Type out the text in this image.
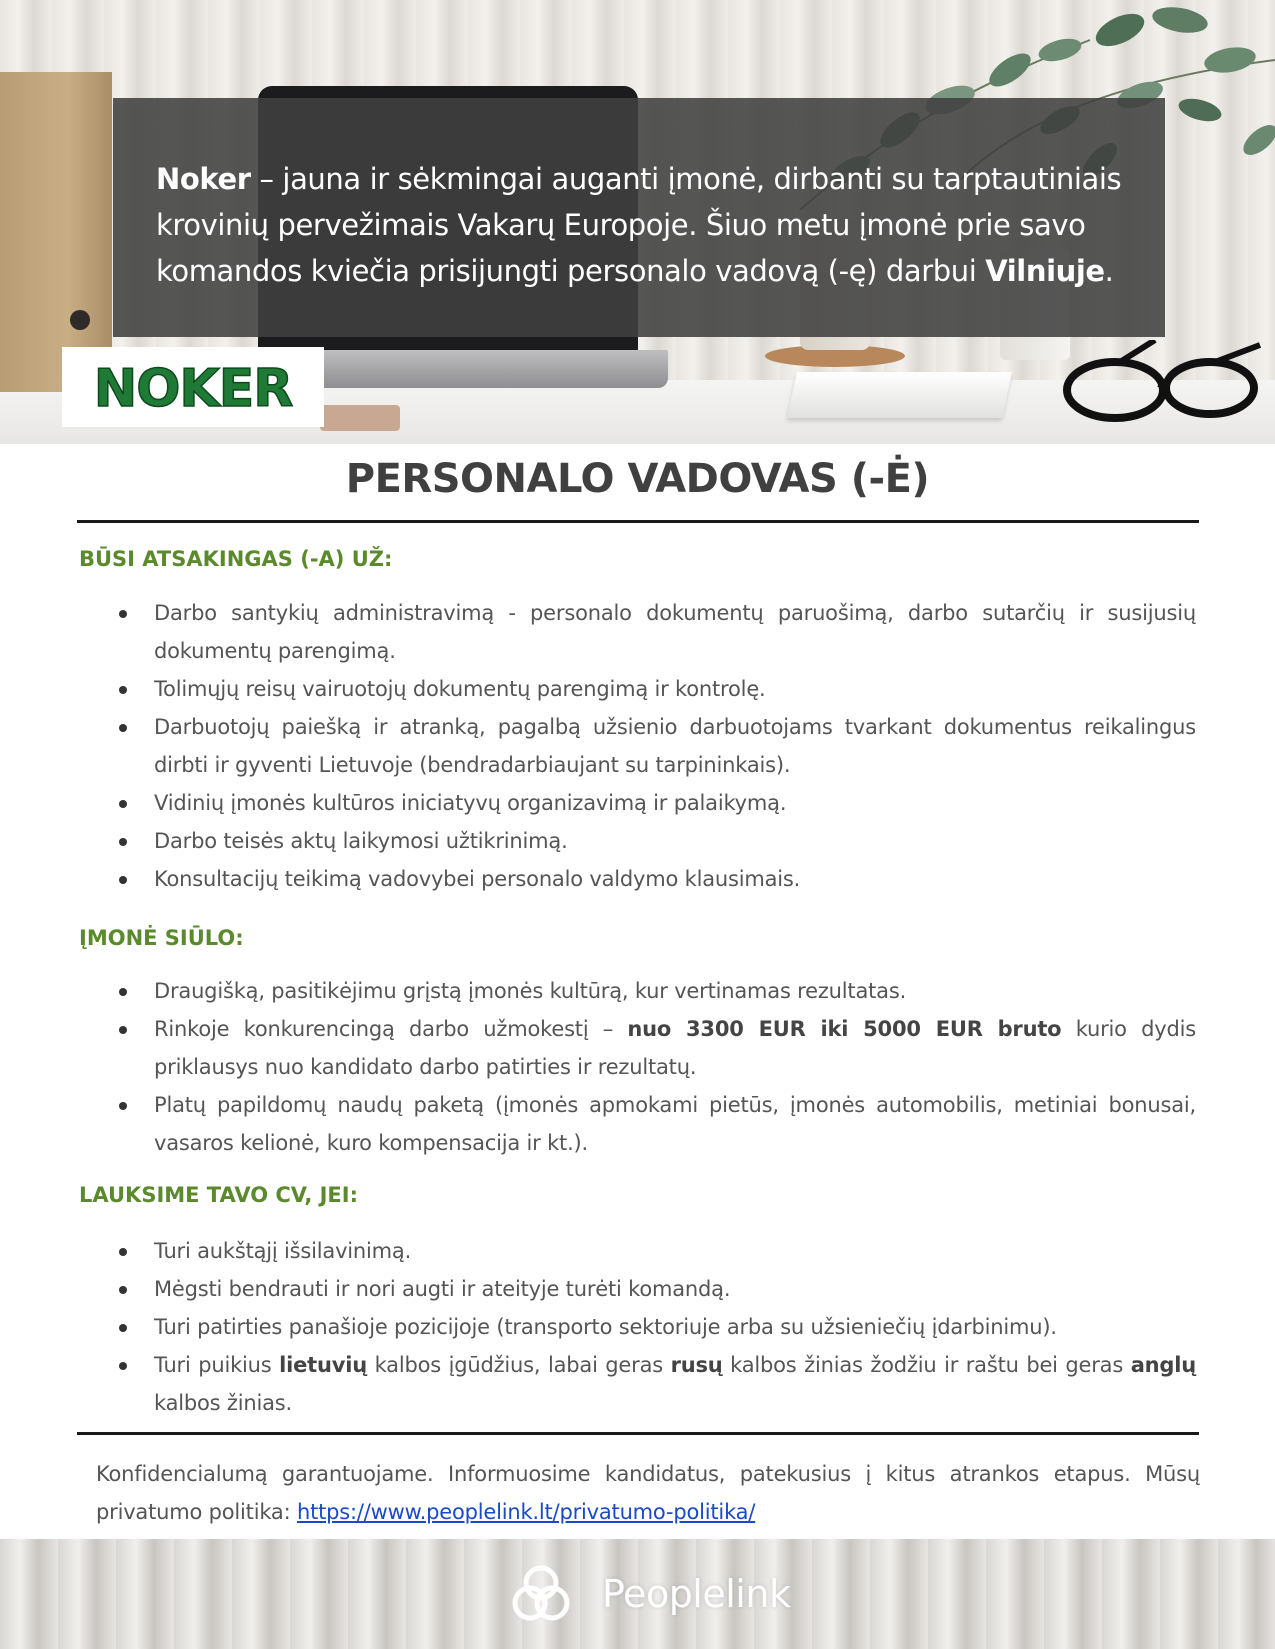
Noker – jauna ir sėkmingai auganti įmonė, dirbanti su tarptautiniais krovinių pervežimais Vakarų Europoje. Šiuo metu įmonė prie savo komandos kviečia prisijungti personalo vadovą (-ę) darbui Vilniuje.

NOKER
PERSONALO VADOVAS (-Ė)
BŪSI ATSAKINGAS (-A) UŽ:
Darbo santykių administravimą - personalo dokumentų paruošimą, darbo sutarčių ir susijusių dokumentų parengimą.
Tolimųjų reisų vairuotojų dokumentų parengimą ir kontrolę.
Darbuotojų paiešką ir atranką, pagalbą užsienio darbuotojams tvarkant dokumentus reikalingus dirbti ir gyventi Lietuvoje (bendradarbiaujant su tarpininkais).
Vidinių įmonės kultūros iniciatyvų organizavimą ir palaikymą.
Darbo teisės aktų laikymosi užtikrinimą.
Konsultacijų teikimą vadovybei personalo valdymo klausimais.
ĮMONĖ SIŪLO:
Draugišką, pasitikėjimu grįstą įmonės kultūrą, kur vertinamas rezultatas.
Rinkoje konkurencingą darbo užmokestį – nuo 3300 EUR iki 5000 EUR bruto kurio dydis priklausys nuo kandidato darbo patirties ir rezultatų.
Platų papildomų naudų paketą (įmonės apmokami pietūs, įmonės automobilis, metiniai bonusai, vasaros kelionė, kuro kompensacija ir kt.).
LAUKSIME TAVO CV, JEI:
Turi aukštąjį išsilavinimą.
Mėgsti bendrauti ir nori augti ir ateityje turėti komandą.
Turi patirties panašioje pozicijoje (transporto sektoriuje arba su užsieniečių įdarbinimu).
Turi puikius lietuvių kalbos įgūdžius, labai geras rusų kalbos žinias žodžiu ir raštu bei geras anglų kalbos žinias.

Konfidencialumą garantuojame. Informuosime kandidatus, patekusius į kitus atrankos etapus. Mūsų privatumo politika: https://www.peoplelink.lt/privatumo-politika/

Peoplelink
